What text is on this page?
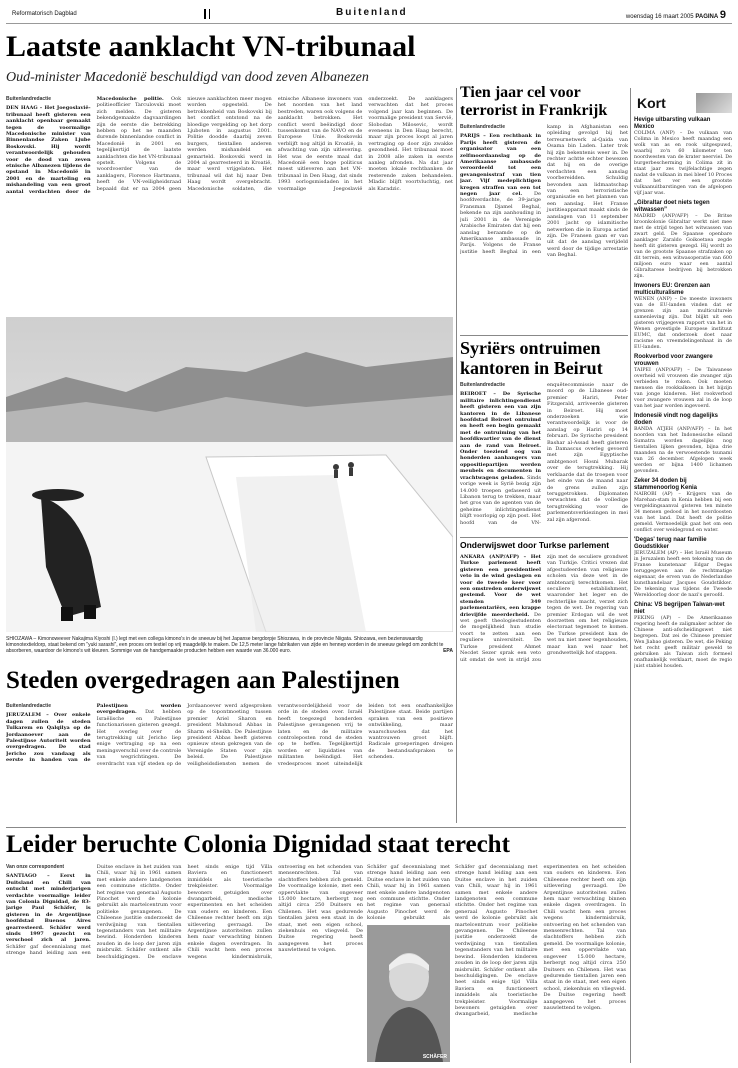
Reformatorisch Dagblad	Buitenland	woensdag 16 maart 2005 PAGINA 9
Laatste aanklacht VN-tribunaal
Oud-minister Macedonië beschuldigd van dood zeven Albanezen
Buitenlandredactie
DEN HAAG – Het Joegoslavië-tribunaal heeft gisteren een aanklacht openbaar gemaakt tegen de voormalige Macedonische minister van Binnenlandse Zaken Ljube Boskovski. Hij wordt verantwoordelijk gehouden voor de dood van zeven etnische Albanezen tijdens de opstand in Macedonië in 2001 en de marteling en mishandeling van een groot aantal verdachten door de Macedonische politie. Ook politieofficier Tarculovski moet zich melden. De gisteren bekendgemaakte dagvaardingen zijn de eerste die betrekking hebben op het ne maanden durende binnenlandse conflict in Macedonië in 2001 en tegelijkertijd de laatste aanklachten die het VN-tribunaal opstelt. Volgens de woordvoerder van de aanklagers, Florence Hartmann, heeft de VN-veiligheidsraad bepaald dat er na 2004 geen nieuwe aanklachten meer mogen worden opgesteld. De betrokkenheid van Boskovski bij het conflict ontstond na de bloedige vergelding op het dorp Ljuboten in augustus 2001. Politie doodde daarbij zeven burgers, tientallen anderen werden mishandeld en gemarteld. Boskovski werd in 2004 al gearresteerd in Kroatië, maar werd vrijgelaten. Het tribunaal wil dat hij naar Den Haag wordt overgebracht. Macedonische soldaten, die etnische Albanese inwoners van het noorden van het land bestreden, waren ook volgens de aanklacht betrokken. Het conflict werd beëindigd door tussenkomst van de NAVO en de Europese Unie. Boskovski verblijft nog altijd in Kroatië, in afwachting van zijn uitlevering. Het was de eerste maal dat Macedonië een hoge politicus moest uitleveren aan het VN-tribunaal in Den Haag, dat sinds 1993 oorlogsmisdaden in het voormalige Joegoslavië onderzoekt. De aanklagers verwachten dat het proces volgend jaar kan beginnen. De voormalige president van Servië, Slobodan Milosevic, wordt eveneens in Den Haag berecht, maar zijn proces loopt al jaren vertraging op door zijn zwakke gezondheid. Het tribunaal moet in 2008 alle zaken in eerste aanleg afronden. Na dat jaar moeten lokale rechtbanken de resterende zaken behandelen. Mladic blijft voortvluchtig, net als Karadzic.
SHIOZAWA – Kimonoweever Nakajima Kiyoshi (l.) legt met een collega kimono's in de sneeuw bij het Japanse bergdorpje Shiozawa, in de provincie Niigata. Shiozawa, een bezienswaardig kimonotextieldorp, staat bekend om "yuki sarashi", een proces om textiel op vrij maagdelijk te maken. De 12,5 meter lange fabrikaten van zijde en hennep worden in de sneeuw gelegd om zonlicht te absorberen, waardoor de kimono's wit kleuren. Sommige van de handgemaakte producten hebben een waarde van 36.000 euro.	EPA
Steden overgedragen aan Palestijnen
Buitenlandredactie
JERUZALEM – Over enkele dagen zullen de steden Tulkarem en Qalqilya op de Jordaanoever aan de Palestijnse Autoriteit worden overgedragen. De stad Jericho zou vandaag als eerste in handen van de Palestijnen worden overgedragen. Dat hebben Israëlische en Palestijnse functionarissen gisteren gezegd. Het overleg over de terugtrekking uit Jericho liep enige vertraging op na een meningsverschil over de controle van wegrichtingen. De overdracht van vijf steden op de Jordaanoever werd afgesproken op de topontmoeting tussen premier Ariel Sharon en president Mahmoud Abbas in Sharm el-Sheikh. De Palestijnse president Abbas heeft gisteren opnieuw steun gekregen van de Verenigde Staten voor zijn beleid. De Palestijnse veiligheidsdiensten nemen de verantwoordelijkheid voor de orde in de steden over. Israël heeft toegezegd honderden Palestijnse gevangenen vrij te laten en de militaire controleposten rond de steden op te heffen. Tegelijkertijd worden er liquidaties van militanten beëindigd. Het vredesproces moet uiteindelijk leiden tot een onafhankelijke Palestijnse staat. Beide partijen spraken van een positieve ontwikkeling, maar waarschuwden dat het wantrouwen groot blijft. Radicale groeperingen dreigen de bestandsafspraken te schenden.
Leider beruchte Colonia Dignidad staat terecht
Van onze correspondent
SANTIAGO – Eerst in Duitsland en Chili van ontucht met minderjarigen verdachte voormalige leider van Colonia Dignidad, de 83-jarige Paul Schäfer, is gisteren in de Argentijnse hoofdstad Buenos Aires gearresteerd. Schäfer werd sinds 1997 gezocht en verschool zich al jaren. Schäfer gaf decennialang met strenge hand leiding aan een Duitse enclave in het zuiden van Chili, waar hij in 1961 samen met enkele andere landgenoten een commune stichtte. Onder het regime van generaal Augusto Pinochet werd de kolonie gebruikt als martelcentrum voor politieke gevangenen. De Chileense justitie onderzoekt de verdwijning van tientallen tegenstanders van het militaire bewind. Honderden kinderen zouden in de loop der jaren zijn misbruikt. Schäfer ontkent alle beschuldigingen. De enclave heet sinds enige tijd Villa Baviera en functioneert inmiddels als toeristische trekpleister. Voormalige bewoners getuigden over dwangarbeid, medische experimenten en het scheiden van ouders en kinderen. Een Chileense rechter heeft om zijn uitlevering gevraagd. De Argentijnse autoriteiten zullen hem naar verwachting binnen enkele dagen overdragen. In Chili wacht hem een proces wegens kindermisbruik, ontvoering en het schenden van mensenrechten. Tal van slachtoffers hebben zich gemeld. De voormalige kolonie, met een oppervlakte van ongeveer 15.000 hectare, herbergt nog altijd circa 250 Duitsers en Chilenen. Het was gedurende tientallen jaren een staat in de staat, met een eigen school, ziekenhuis en vliegveld. De Duitse regering heeft aangegeven het proces nauwlettend te volgen.
Schäfer gaf decennialang met strenge hand leiding aan een Duitse enclave in het zuiden van Chili, waar hij in 1961 samen met enkele andere landgenoten een commune stichtte. Onder het regime van generaal Augusto Pinochet werd de kolonie gebruikt als
SCHÄFER
Schäfer gaf decennialang met strenge hand leiding aan een Duitse enclave in het zuiden van Chili, waar hij in 1961 samen met enkele andere landgenoten een commune stichtte. Onder het regime van generaal Augusto Pinochet werd de kolonie gebruikt als martelcentrum voor politieke gevangenen. De Chileense justitie onderzoekt de verdwijning van tientallen tegenstanders van het militaire bewind. Honderden kinderen zouden in de loop der jaren zijn misbruikt. Schäfer ontkent alle beschuldigingen. De enclave heet sinds enige tijd Villa Baviera en functioneert inmiddels als toeristische trekpleister. Voormalige bewoners getuigden over dwangarbeid, medische experimenten en het scheiden van ouders en kinderen. Een Chileense rechter heeft om zijn uitlevering gevraagd. De Argentijnse autoriteiten zullen hem naar verwachting binnen enkele dagen overdragen. In Chili wacht hem een proces wegens kindermisbruik, ontvoering en het schenden van mensenrechten. Tal van slachtoffers hebben zich gemeld. De voormalige kolonie, met een oppervlakte van ongeveer 15.000 hectare, herbergt nog altijd circa 250 Duitsers en Chilenen. Het was gedurende tientallen jaren een staat in de staat, met een eigen school, ziekenhuis en vliegveld. De Duitse regering heeft aangegeven het proces nauwlettend te volgen.
Tien jaar cel voor terrorist in Frankrijk
Buitenlandredactie
PARIJS – Een rechtbank in Parijs heeft gisteren de organisator van een zelfmoordaanslag op de Amerikaanse ambassade veroordeeld tot een gevangenisstraf van tien jaar. Vijf medeplichtigen kregen straffen van een tot negen jaar cel. De hoofdverdachte, de 39-jarige Fransman Djamel Beghal, bekende na zijn aanhouding in juli 2001 in de Verenigde Arabische Emiraten dat hij een aanslag beraamde op de Amerikaanse ambassade in Parijs. Volgens de Franse justitie heeft Beghal in een kamp in Afghanistan een opleiding gevolgd bij het terreurnetwerk al-Qaida van Osama bin Laden. Later trok hij zijn bekentenis weer in. De rechter achtte echter bewezen dat hij en de overige verdachten een aanslag voorbereidden. Schuldig bevonden aan lidmaatschap van een terroristische organisatie en het plannen van een aanslag. Het Franse justitieapparaat maakt sinds de aanslagen van 11 september 2001 jacht op islamitische netwerken die in Europa actief zijn. De Fransen gaan er van uit dat de aanslag verijdeld werd door de tijdige arrestatie van Beghal.
Syriërs ontruimen kantoren in Beirut
Buitenlandredactie
BEIROET – De Syrische militaire inlichtingendienst heeft gisteren een van zijn kantoren in de Libanese hoofdstad Beiroet ontruimd en heeft een begin gemaakt met de ontruiming van het hoofdkwartier van de dienst aan de rand van Beiroet. Onder toeziend oog van honderden aanhangers van oppositiepartijen werden meubels en documenten in vrachtwagens geladen. Sinds vorige week is Syrië bezig zijn 14.000 troepen gefaseerd uit Libanon terug te trekken, maar het gros van de agenten van de geheime inlichtingendienst blijft voorlopig op zijn post. Het hoofd van de VN-enquêtecommissie naar de moord op de Libanese oud-premier Hariri, Peter Fitzgerald, arriveerde gisteren in Beiroet. Hij moet onderzoeken wie verantwoordelijk is voor de aanslag op Hariri op 14 februari. De Syrische president Bashar al-Assad heeft gisteren in Damascus overleg gevoerd met zijn Egyptische ambtgenoot Hosni Mubarak over de terugtrekking. Hij verklaarde dat de troepen voor het einde van de maand naar de grens zullen zijn teruggetrokken. Diplomaten verwachten dat de volledige terugtrekking voor de parlementsverkiezingen in mei zal zijn afgerond.
Onderwijswet door Turkse parlement
ANKARA (ANP/AFP) – Het Turkse parlement heeft gisteren een presidentieel veto in de wind geslagen en voor de tweede keer voor een omstreden onderwijswet gestemd. Voor de wet stemden 349 parlementariërs, een krappe drievijfde meerderheid. De wet geeft theologiestudenten de mogelijkheid hun studie voort te zetten aan een reguliere universiteit. De Turkse president Ahmet Necdet Sezer sprak een veto uit omdat de wet in strijd zou zijn met de seculiere grondwet van Turkije. Critici vrezen dat afgestudeerden van religieuze scholen via deze wet in de ambtenarij terechtkomen. Het seculiere establishment, waaronder het leger en de rechterlijke macht, verzet zich tegen de wet. De regering van premier Erdogan wil de wet doorzetten om het religieuze electoraat tegemoet te komen. De Turkse president kan de wet nu niet meer tegenhouden, maar kan wel naar het grondwettelijk hof stappen.
Kort
Hevige uitbarsting vulkaan Mexico
COLIMA (ANP) – De vulkaan van Colima in Mexico heeft maandag een wolk van as en rook uitgespuwd, waarbij zo'n 60 kilometer ten noordwesten van de krater neerviel. De burgerbescherming in Colima zit in staat jaar zes twijfelachtige zegen nadat de vulkaan in mei bleef 10 Proces dat het ver een grootste vulkaanuitbarstingen van de afgelopen vijf jaar was.
„Gibraltar doet niets tegen witwassen”
MADRID (ANP/AFP) – De Britse kroonkolonie Gibraltar werkt niet mee met de strijd tegen het witwassen van zwart geld. De Spaanse openbare aanklager Zaraldo Goikoetxea zegde heeft dit gisteren gezegd. Hij wordt zo van de grootste Spaanse strafzaken op dit terrein, een witwasoperatie van 600 miljoen euro waar een aantal Gibraltarese bedrijven bij betrokken zijn.
Inwoners EU: Grenzen aan multiculturalisme
WENEN (ANP) – De meeste inwoners van de EU-landen vinden dat er grenzen zijn aan multiculturele samenleving zijn. Dat blijkt uit een gisteren vrijgegeven rapport van het in Wenen gevestigde Europese instituut EUMC, dat onderzoek doet naar racisme en vreemdelingenhaat in de EU-landen.
Rookverbod voor zwangere vrouwen
TAIPEI (ANP/AFP) – De Taiwanese overheid wil vrouwen die zwanger zijn verbieden te roken. Ook moeten mensen die rookkalkoen in het bijzijn van jonge kinderen. Het rookverbod voor zwangere vrouwen zal in de loop van het jaar worden ingevoerd.
Indonesië vindt nog dagelijks doden
BANDA ATJEH (ANP/AFP) – In het noorden van het Indonesische eiland Sumatra worden dagelijks nog tientallen lijken gevonden, bijna drie maanden na de verwoestende tsunami van 26 december. Afgelopen week werden er bijna 1400 lichamen gevonden.
Zeker 34 doden bij stammenoorlog Kenia
NAIROBI (AP) – Krijgers van de Marehan-stam in Kenia hebben bij een vergeldingsaanval gisteren ten minste 34 mensen gedood in het noordoosten van het land. Dat heeft de politie gemeld. Vermoedelijk gaat het om een conflict over weidegrond en water.
'Degas' terug naar familie Goudstikker
JERUZALEM (AP) – Het Israël Museum in Jeruzalem heeft een tekening van de Franse kunstenaar Edgar Degas teruggegeven aan de rechtmatige eigenaar, de erven van de Nederlandse kunsthandelaar Jacques Goudstikker. De tekening was tijdens de Tweede Wereldoorlog door de nazi's geroofd.
China: VS begrijpen Taiwan-wet niet
PEKING (AP) – De Amerikaanse regering heeft de zaligmaker achter de Chinese anti-afscheidingswet niet begrepen. Dat zei de Chinese premier Wen Jiabao gisteren. De wet, die Peking het recht geeft militair geweld te gebruiken als Taiwan zich formeel onafhankelijk verklaart, moet de regio juist stabiel houden.
